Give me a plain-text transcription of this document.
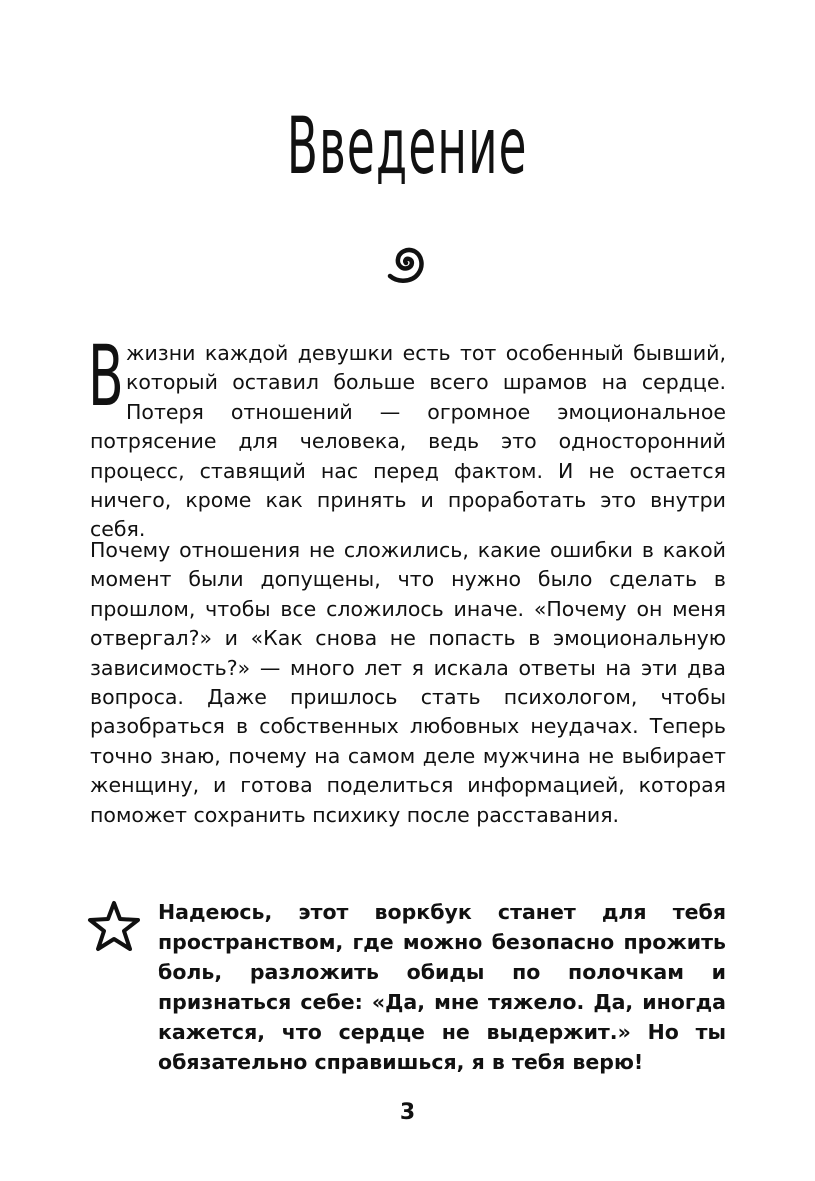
Введение

Вжизни каждой девушки есть тот особенный бывший, который оставил больше всего шрамов на сердце. Потеря отношений — огромное эмоциональное потрясение для человека, ведь это односторонний процесс, ставящий нас перед фактом. И не остается ничего, кроме как принять и проработать это внутри себя.

Почему отношения не сложились, какие ошибки в какой момент были допущены, что нужно было сделать в прошлом, чтобы все сложилось иначе. «Почему он меня отвергал?» и «Как снова не попасть в эмоциональную зависимость?» — много лет я искала ответы на эти два вопроса. Даже пришлось стать психологом, чтобы разобраться в собственных любовных неудачах. Теперь точно знаю, почему на самом деле мужчина не выбирает женщину, и готова поделиться информацией, которая поможет сохранить психику после расставания.

Надеюсь, этот воркбук станет для тебя пространством, где можно безопасно прожить боль, разложить обиды по полочкам и признаться себе: «Да, мне тяжело. Да, иногда кажется, что сердце не выдержит.» Но ты обязательно справишься, я в тебя верю!

3
